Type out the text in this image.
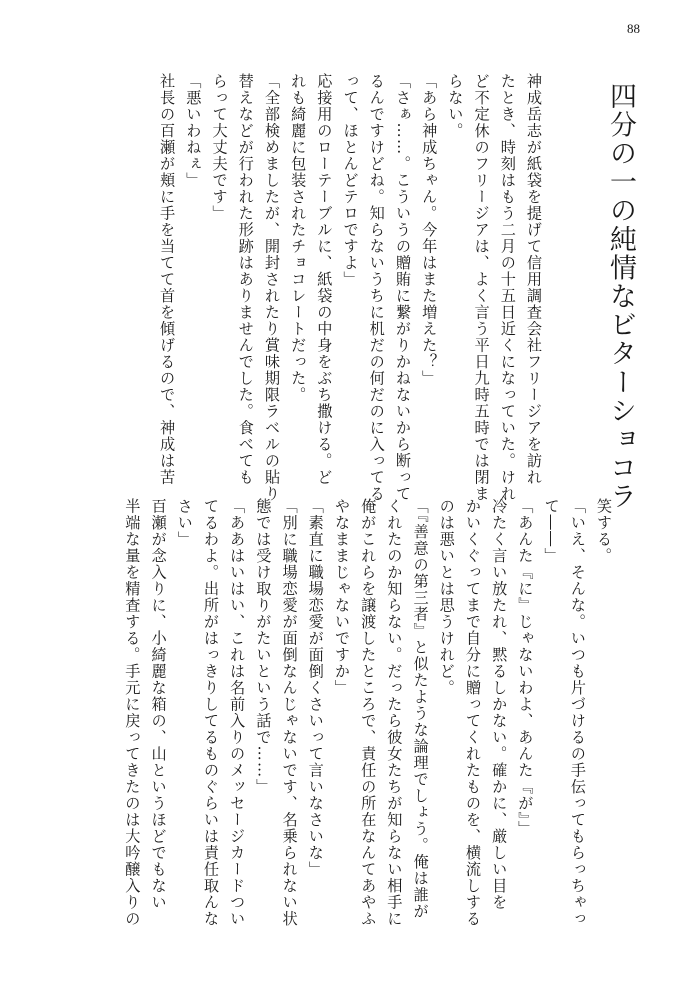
88
四分の一の純情なビターショコラ
神成岳志が紙袋を提げて信用調査会社フリージアを訪れ
たとき、時刻はもう二月の十五日近くになっていた。けれ
ど不定休のフリージアは、よく言う平日九時五時では閉ま
らない。
「あら神成ちゃん。今年はまた増えた？」
「さぁ……。こういうの贈賄に繋がりかねないから断って
るんですけどね。知らないうちに机だの何だのに入ってる
って、ほとんどテロですよ」
応接用のローテーブルに、紙袋の中身をぶち撒ける。ど
れも綺麗に包装されたチョコレートだった。
「全部検めましたが、開封されたり賞味期限ラベルの貼り
替えなどが行われた形跡はありませんでした。食べても
らって大丈夫です」
「悪いわねぇ」
社長の百瀬が頬に手を当てて首を傾げるので、神成は苦
笑する。
「いえ、そんな。いつも片づけるの手伝ってもらっちゃっ
て――」
「あんた『に』じゃないわよ、あんた『が』」
冷たく言い放たれ、黙るしかない。確かに、厳しい目を
かいくぐってまで自分に贈ってくれたものを、横流しする
のは悪いとは思うけれど。
「『善意の第三者』と似たような論理でしょう。俺は誰が
くれたのか知らない。だったら彼女たちが知らない相手に
俺がこれらを譲渡したところで、責任の所在なんてあやふ
やなままじゃないですか」
「素直に職場恋愛が面倒くさいって言いなさいな」
「別に職場恋愛が面倒なんじゃないです、名乗られない状
態では受け取りがたいという話で……」
「ああはいはい、これは名前入りのメッセージカードつい
てるわよ。出所がはっきりしてるものぐらいは責任取んな
さい」
百瀬が念入りに、小綺麗な箱の、山というほどでもない
半端な量を精査する。手元に戻ってきたのは大吟醸入りの
